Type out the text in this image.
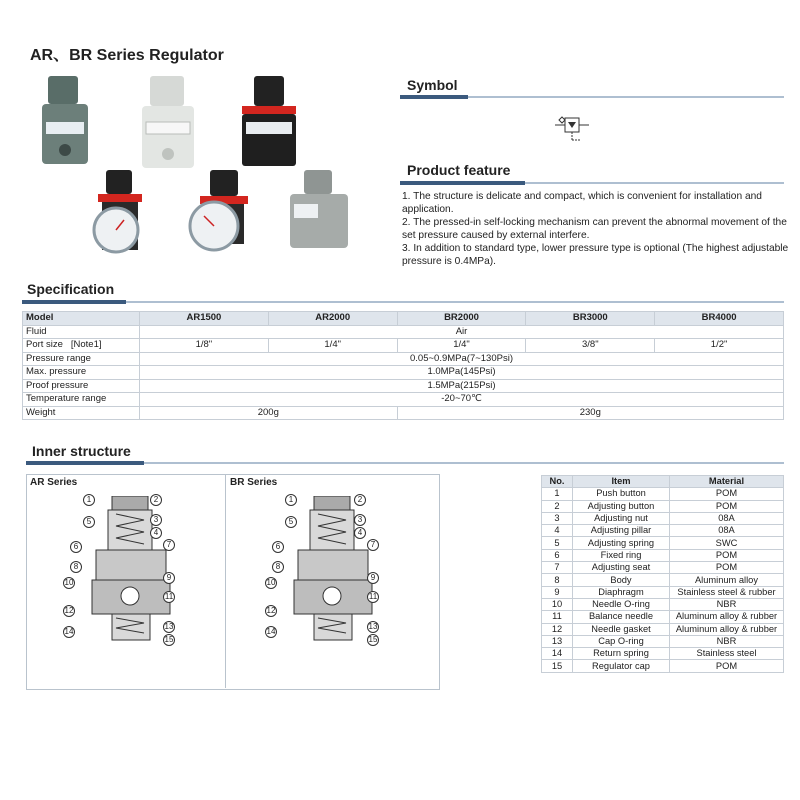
AR、BR Series Regulator
Symbol
Product feature
1. The structure is delicate and compact, which is convenient for installation and application.
2. The pressed-in self-locking mechanism can prevent the abnormal movement of the set pressure caused by external interfere.
3. In addition to standard type, lower pressure type is optional (The highest adjustable pressure is 0.4MPa).
Specification
Model	AR1500	AR2000	BR2000	BR3000	BR4000
Fluid	Air				
Port size   [Note1]	1/8"	1/4"	1/4"	3/8"	1/2"
Pressure range	0.05~0.9MPa(7~130Psi)				
Max. pressure	1.0MPa(145Psi)				
Proof pressure	1.5MPa(215Psi)				
Temperature range	-20~70℃				
Weight	200g		230g		
Inner structure
AR Series	BR Series
1	2
3
4
5
6	7
8
9
10
11
12
13
14
15
1	2
3
4
5
6	7
8
9
10
11
12
13
14
15
No.	Item	Material
1	Push button	POM
2	Adjusting button	POM
3	Adjusting nut	08A
4	Adjusting pillar	08A
5	Adjusting spring	SWC
6	Fixed ring	POM
7	Adjusting seat	POM
8	Body	Aluminum alloy
9	Diaphragm	Stainless steel & rubber
10	Needle O-ring	NBR
11	Balance needle	Aluminum alloy & rubber
12	Needle gasket	Aluminum alloy & rubber
13	Cap O-ring	NBR
14	Return spring	Stainless steel
15	Regulator cap	POM
